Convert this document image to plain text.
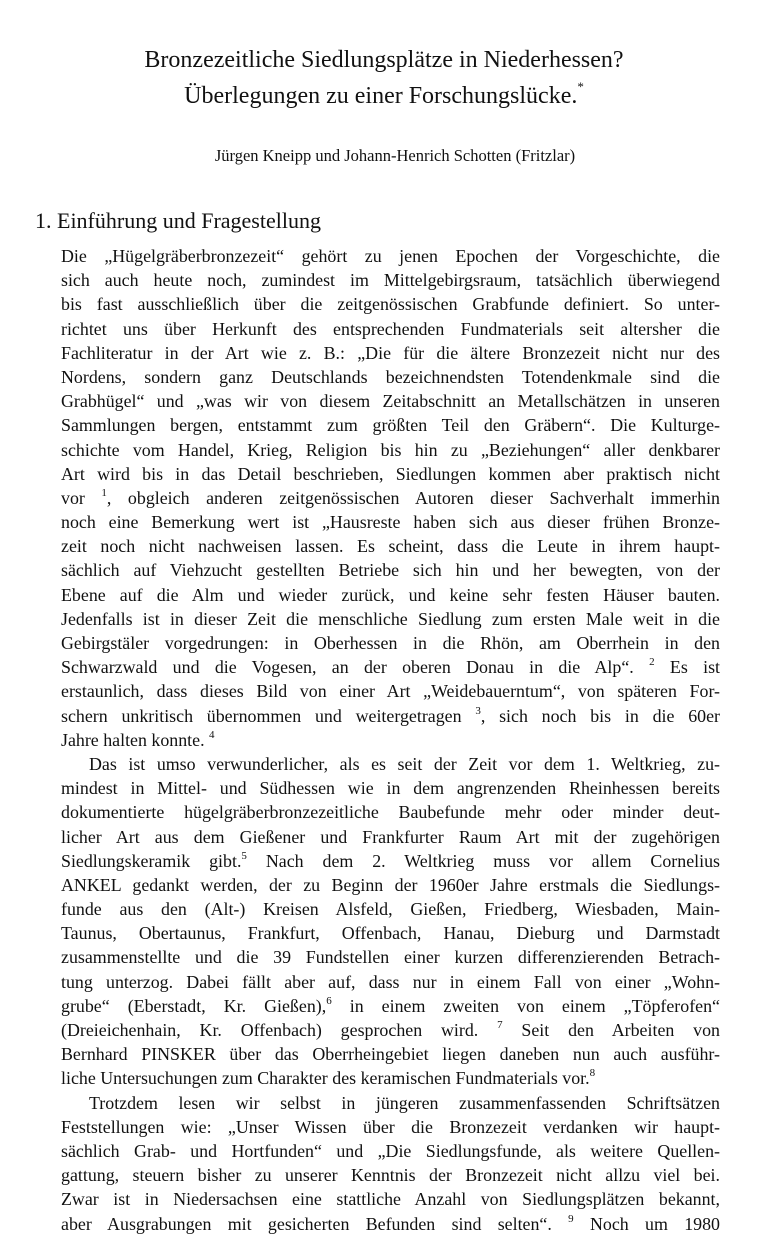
Bronzezeitliche Siedlungsplätze in Niederhessen?
Überlegungen zu einer Forschungslücke.*
Jürgen Kneipp und Johann-Henrich Schotten (Fritzlar)
1. Einführung und Fragestellung
Die „Hügelgräberbronzezeit“ gehört zu jenen Epochen der Vorgeschichte, die
sich auch heute noch, zumindest im Mittelgebirgsraum, tatsächlich überwiegend
bis fast ausschließlich über die zeitgenössischen Grabfunde definiert. So unter-
richtet uns über Herkunft des entsprechenden Fundmaterials seit altersher die
Fachliteratur in der Art wie z. B.: „Die für die ältere Bronzezeit nicht nur des
Nordens, sondern ganz Deutschlands bezeichnendsten Totendenkmale sind die
Grabhügel“ und „was wir von diesem Zeitabschnitt an Metallschätzen in unseren
Sammlungen bergen, entstammt zum größten Teil den Gräbern“. Die Kulturge-
schichte vom Handel, Krieg, Religion bis hin zu „Beziehungen“ aller denkbarer
Art wird bis in das Detail beschrieben, Siedlungen kommen aber praktisch nicht
vor $^1$, obgleich anderen zeitgenössischen Autoren dieser Sachverhalt immerhin
noch eine Bemerkung wert ist „Hausreste haben sich aus dieser frühen Bronze-
zeit noch nicht nachweisen lassen. Es scheint, dass die Leute in ihrem haupt-
sächlich auf Viehzucht gestellten Betriebe sich hin und her bewegten, von der
Ebene auf die Alm und wieder zurück, und keine sehr festen Häuser bauten.
Jedenfalls ist in dieser Zeit die menschliche Siedlung zum ersten Male weit in die
Gebirgstäler vorgedrungen: in Oberhessen in die Rhön, am Oberrhein in den
Schwarzwald und die Vogesen, an der oberen Donau in die Alp“. $^2$ Es ist
erstaunlich, dass dieses Bild von einer Art „Weidebauerntum“, von späteren For-
schern unkritisch übernommen und weitergetragen $^3$, sich noch bis in die 60er
Jahre halten konnte. $^4$
Das ist umso verwunderlicher, als es seit der Zeit vor dem 1. Weltkrieg, zu-
mindest in Mittel- und Südhessen wie in dem angrenzenden Rheinhessen bereits
dokumentierte hügelgräberbronzezeitliche Baubefunde mehr oder minder deut-
licher Art aus dem Gießener und Frankfurter Raum Art mit der zugehörigen
Siedlungskeramik gibt.$^5$ Nach dem 2. Weltkrieg muss vor allem Cornelius
ANKEL gedankt werden, der zu Beginn der 1960er Jahre erstmals die Siedlungs-
funde aus den (Alt-) Kreisen Alsfeld, Gießen, Friedberg, Wiesbaden, Main-
Taunus, Obertaunus, Frankfurt, Offenbach, Hanau, Dieburg und Darmstadt
zusammenstellte und die 39 Fundstellen einer kurzen differenzierenden Betrach-
tung unterzog. Dabei fällt aber auf, dass nur in einem Fall von einer „Wohn-
grube“ (Eberstadt, Kr. Gießen),$^6$ in einem zweiten von einem „Töpferofen“
(Dreieichenhain, Kr. Offenbach) gesprochen wird. $^7$ Seit den Arbeiten von
Bernhard PINSKER über das Oberrheingebiet liegen daneben nun auch ausführ-
liche Untersuchungen zum Charakter des keramischen Fundmaterials vor.$^8$
Trotzdem lesen wir selbst in jüngeren zusammenfassenden Schriftsätzen
Feststellungen wie: „Unser Wissen über die Bronzezeit verdanken wir haupt-
sächlich Grab- und Hortfunden“ und „Die Siedlungsfunde, als weitere Quellen-
gattung, steuern bisher zu unserer Kenntnis der Bronzezeit nicht allzu viel bei.
Zwar ist in Niedersachsen eine stattliche Anzahl von Siedlungsplätzen bekannt,
aber Ausgrabungen mit gesicherten Befunden sind selten“. $^9$ Noch um 1980
